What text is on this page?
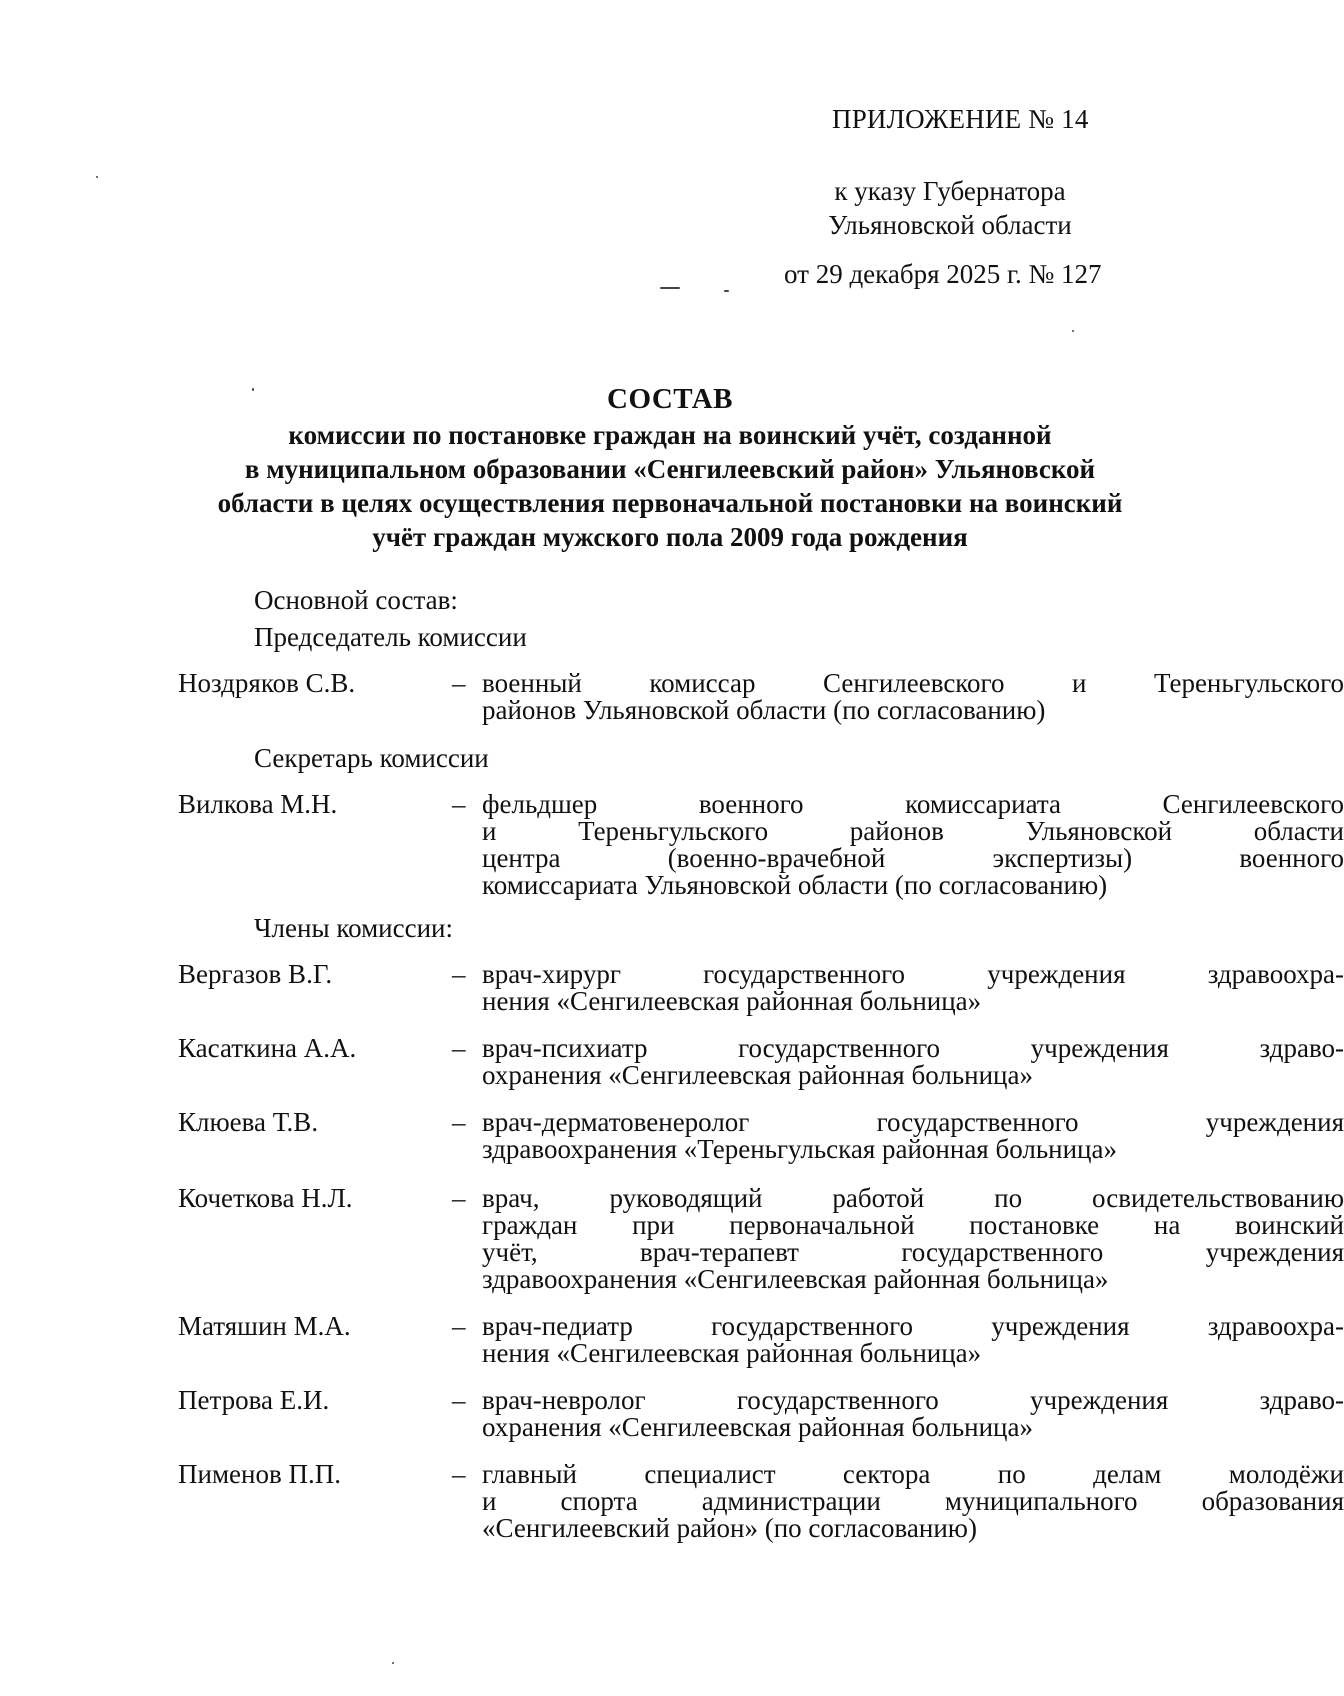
ПРИЛОЖЕНИЕ № 14
к указу Губернатора
Ульяновской области
от 29 декабря 2025 г. № 127
СОСТАВ
комиссии по постановке граждан на воинский учёт, созданной
в муниципальном образовании «Сенгилеевский район» Ульяновской
области в целях осуществления первоначальной постановки на воинский
учёт граждан мужского пола 2009 года рождения
Основной состав:
Председатель комиссии
Ноздряков С.В.	– военный комиссар Сенгилеевского и Тереньгульского
районов Ульяновской области (по согласованию)
Секретарь комиссии
Вилкова М.Н.	– фельдшер военного комиссариата Сенгилеевского
и Тереньгульского районов Ульяновской области
центра (военно-врачебной экспертизы) военного
комиссариата Ульяновской области (по согласованию)
Члены комиссии:
Вергазов В.Г.	– врач-хирург государственного учреждения здравоохра-
нения «Сенгилеевская районная больница»
Касаткина А.А.	– врач-психиатр государственного учреждения здраво-
охранения «Сенгилеевская районная больница»
Клюева Т.В.	– врач-дерматовенеролог государственного учреждения
здравоохранения «Тереньгульская районная больница»
Кочеткова Н.Л.	– врач, руководящий работой по освидетельствованию
граждан при первоначальной постановке на воинский
учёт, врач-терапевт государственного учреждения
здравоохранения «Сенгилеевская районная больница»
Матяшин М.А.	– врач-педиатр государственного учреждения здравоохра-
нения «Сенгилеевская районная больница»
Петрова Е.И.	– врач-невролог государственного учреждения здраво-
охранения «Сенгилеевская районная больница»
Пименов П.П.	– главный специалист сектора по делам молодёжи
и спорта администрации муниципального образования
«Сенгилеевский район» (по согласованию)
